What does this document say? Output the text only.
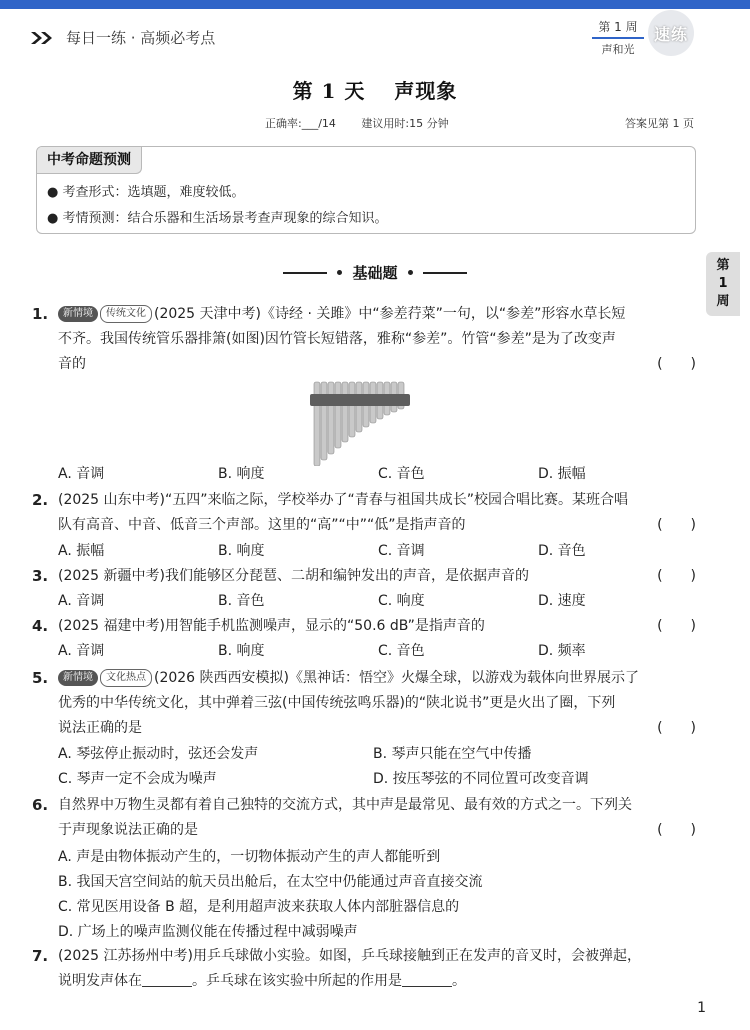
每日一练 · 高频必考点
第 1 周
声和光
速练
第 1 天　 声现象
正确率:___/14 建议用时:15 分钟	答案见第 1 页
中考命题预测
● 考查形式：选填题，难度较低。
● 考情预测：结合乐器和生活场景考查声现象的综合知识。
基础题	第
1
周
1.	新情境 传统文化 (2025 天津中考)《诗经 · 关雎》中“参差荇菜”一句，以“参差”形容水草长短
不齐。我国传统管乐器排箫(如图)因竹管长短错落，雅称“参差”。竹管“参差”是为了改变声
音的	(　　)
A. 音调	B. 响度	C. 音色	D. 振幅
2. (2025 山东中考)“五四”来临之际，学校举办了“青春与祖国共成长”校园合唱比赛。某班合唱
队有高音、中音、低音三个声部。这里的“高”“中”“低”是指声音的	(　　)
A. 振幅	B. 响度	C. 音调	D. 音色
3. (2025 新疆中考)我们能够区分琵琶、二胡和编钟发出的声音，是依据声音的	(　　)
A. 音调	B. 音色	C. 响度	D. 速度
4. (2025 福建中考)用智能手机监测噪声，显示的“50.6 dB”是指声音的	(　　)
A. 音调	B. 响度	C. 音色	D. 频率
5.	新情境 文化热点 (2026 陕西西安模拟)《黑神话：悟空》火爆全球，以游戏为载体向世界展示了
优秀的中华传统文化，其中弹着三弦(中国传统弦鸣乐器)的“陕北说书”更是火出了圈，下列
说法正确的是	(　　)
A. 琴弦停止振动时，弦还会发声	B. 琴声只能在空气中传播
C. 琴声一定不会成为噪声	D. 按压琴弦的不同位置可改变音调
6. 自然界中万物生灵都有着自己独特的交流方式，其中声是最常见、最有效的方式之一。下列关
于声现象说法正确的是	(　　)
A. 声是由物体振动产生的，一切物体振动产生的声人都能听到
B. 我国天宫空间站的航天员出舱后，在太空中仍能通过声音直接交流
C. 常见医用设备 B 超，是利用超声波来获取人体内部脏器信息的
D. 广场上的噪声监测仪能在传播过程中减弱噪声
7. (2025 江苏扬州中考)用乒乓球做小实验。如图，乒乓球接触到正在发声的音叉时，会被弹起，
说明发声体在	。乒乓球在该实验中所起的作用是	。
1
